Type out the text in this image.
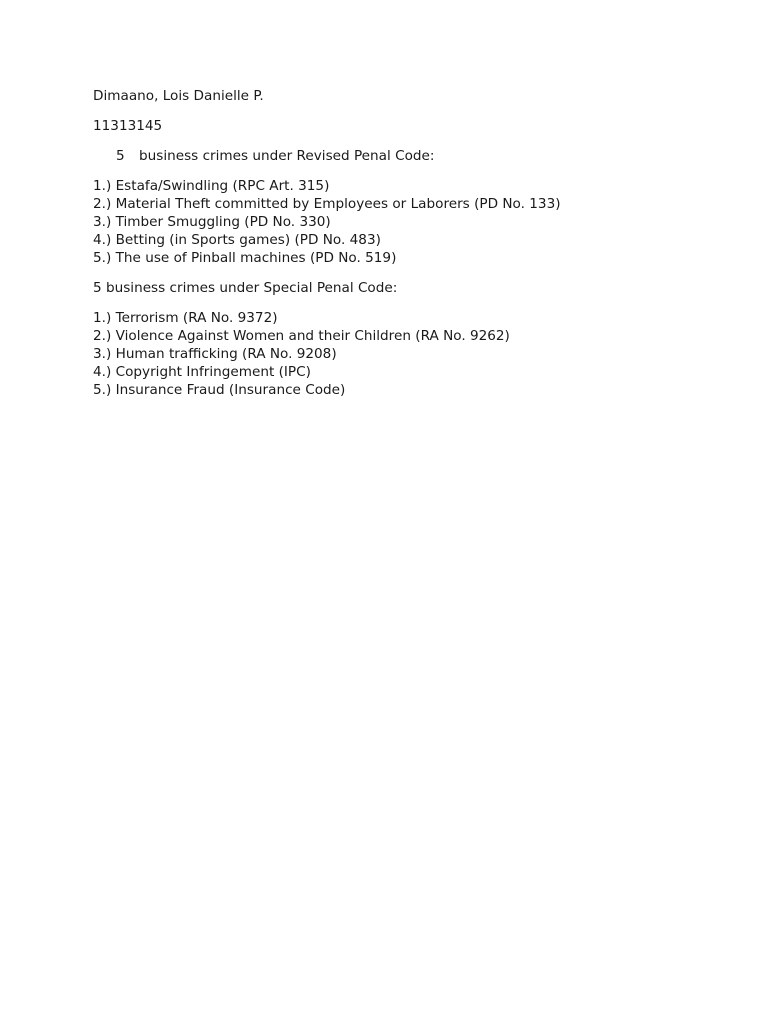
Dimaano, Lois Danielle P.

11313145

5	business crimes under Revised Penal Code:

1.) Estafa/Swindling (RPC Art. 315)
2.) Material Theft committed by Employees or Laborers (PD No. 133)
3.) Timber Smuggling (PD No. 330)
4.) Betting (in Sports games) (PD No. 483)
5.) The use of Pinball machines (PD No. 519)

5 business crimes under Special Penal Code:

1.) Terrorism (RA No. 9372)
2.) Violence Against Women and their Children (RA No. 9262)
3.) Human trafficking (RA No. 9208)
4.) Copyright Infringement (IPC)
5.) Insurance Fraud (Insurance Code)
